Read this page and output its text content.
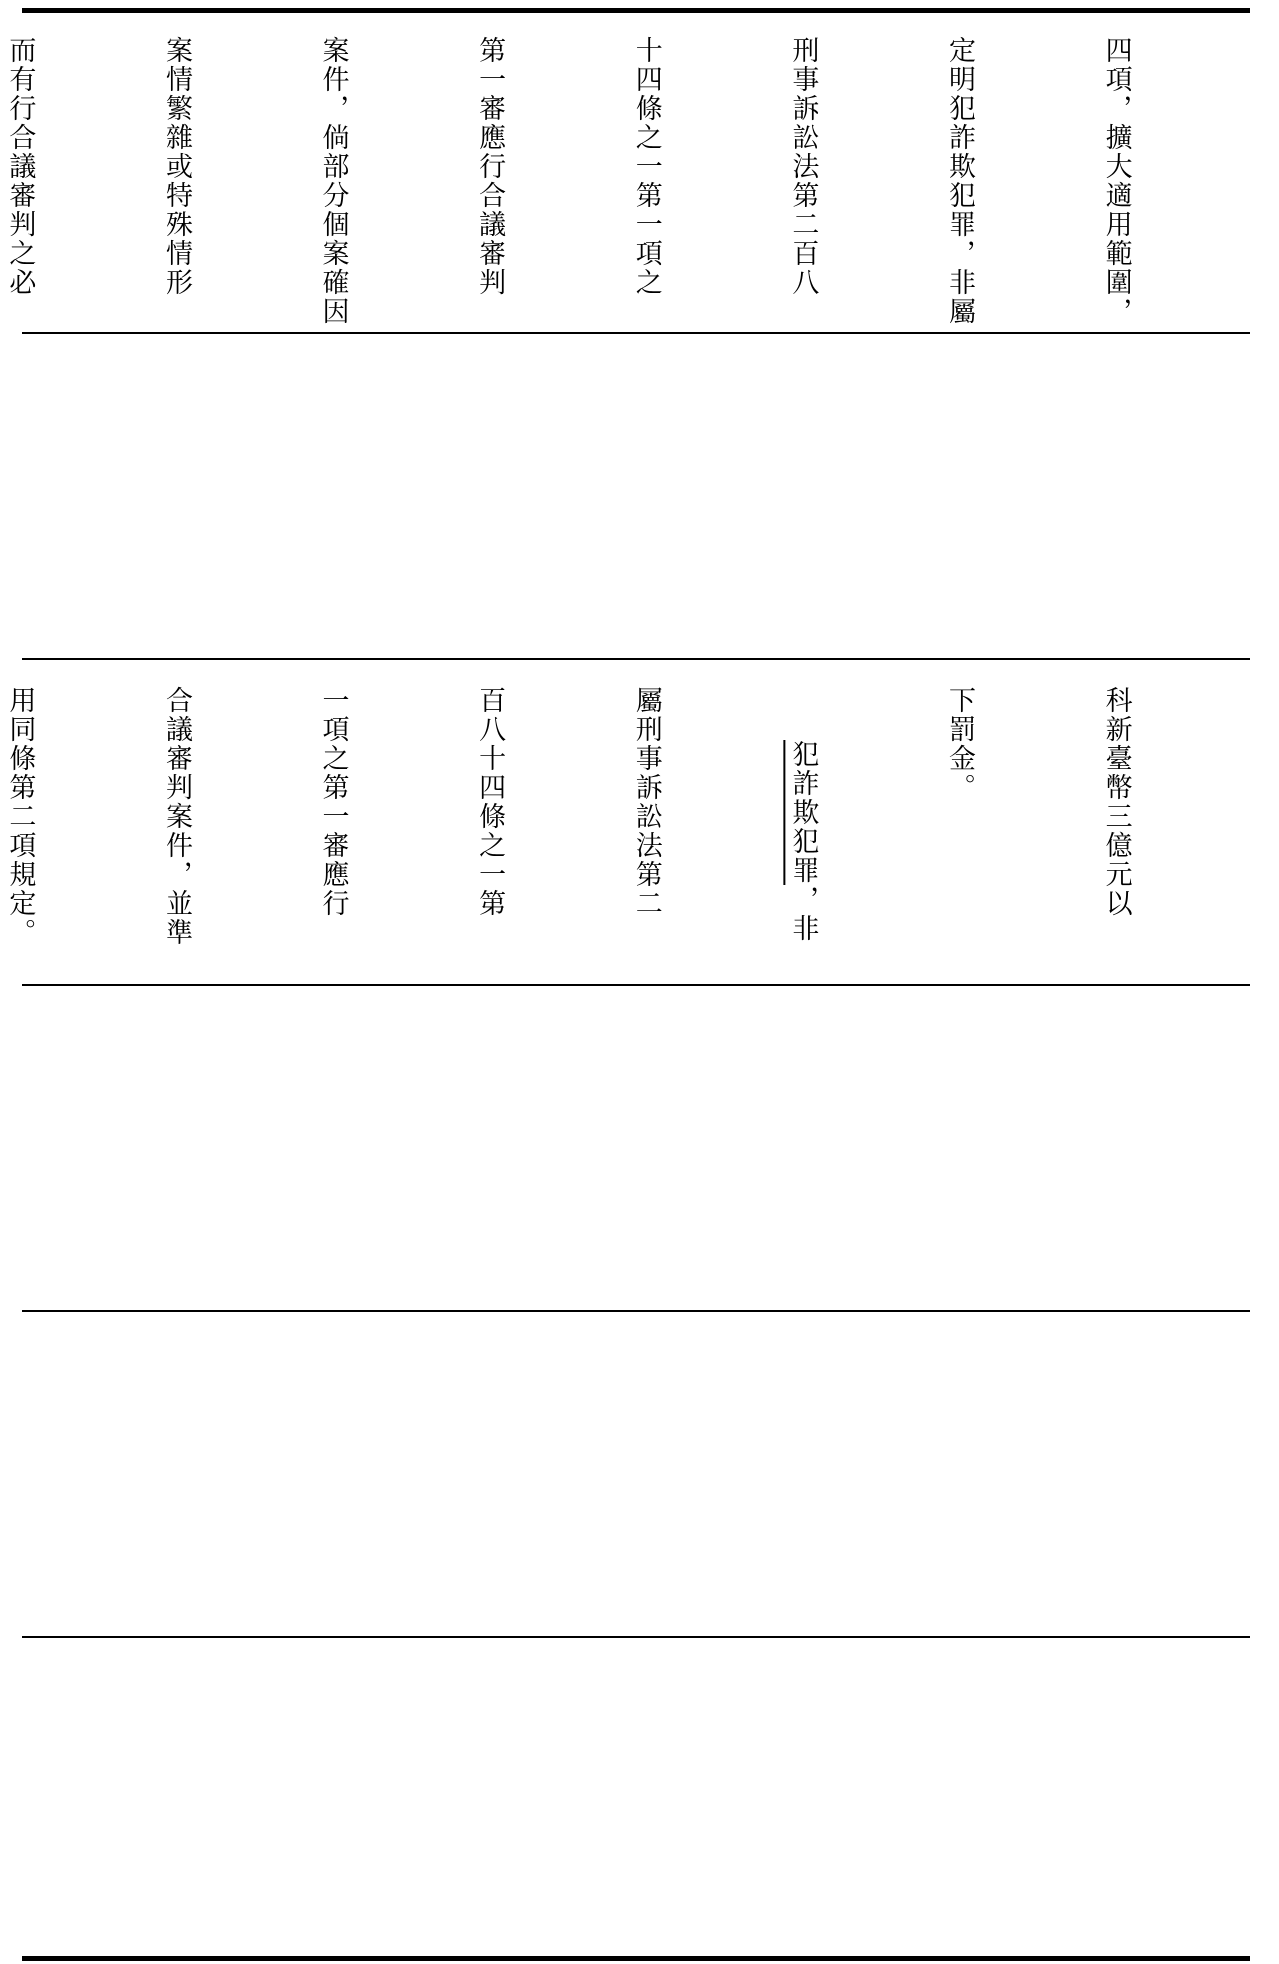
四項，擴大適用範圍，

定明犯詐欺犯罪，非屬

刑事訴訟法第二百八

十四條之一第一項之

第一審應行合議審判

案件，倘部分個案確因

案情繁雜或特殊情形

而有行合議審判之必

科新臺幣三億元以

下罰金。

犯詐欺犯罪，非

屬刑事訴訟法第二

百八十四條之一第

一項之第一審應行

合議審判案件，並準

用同條第二項規定。
